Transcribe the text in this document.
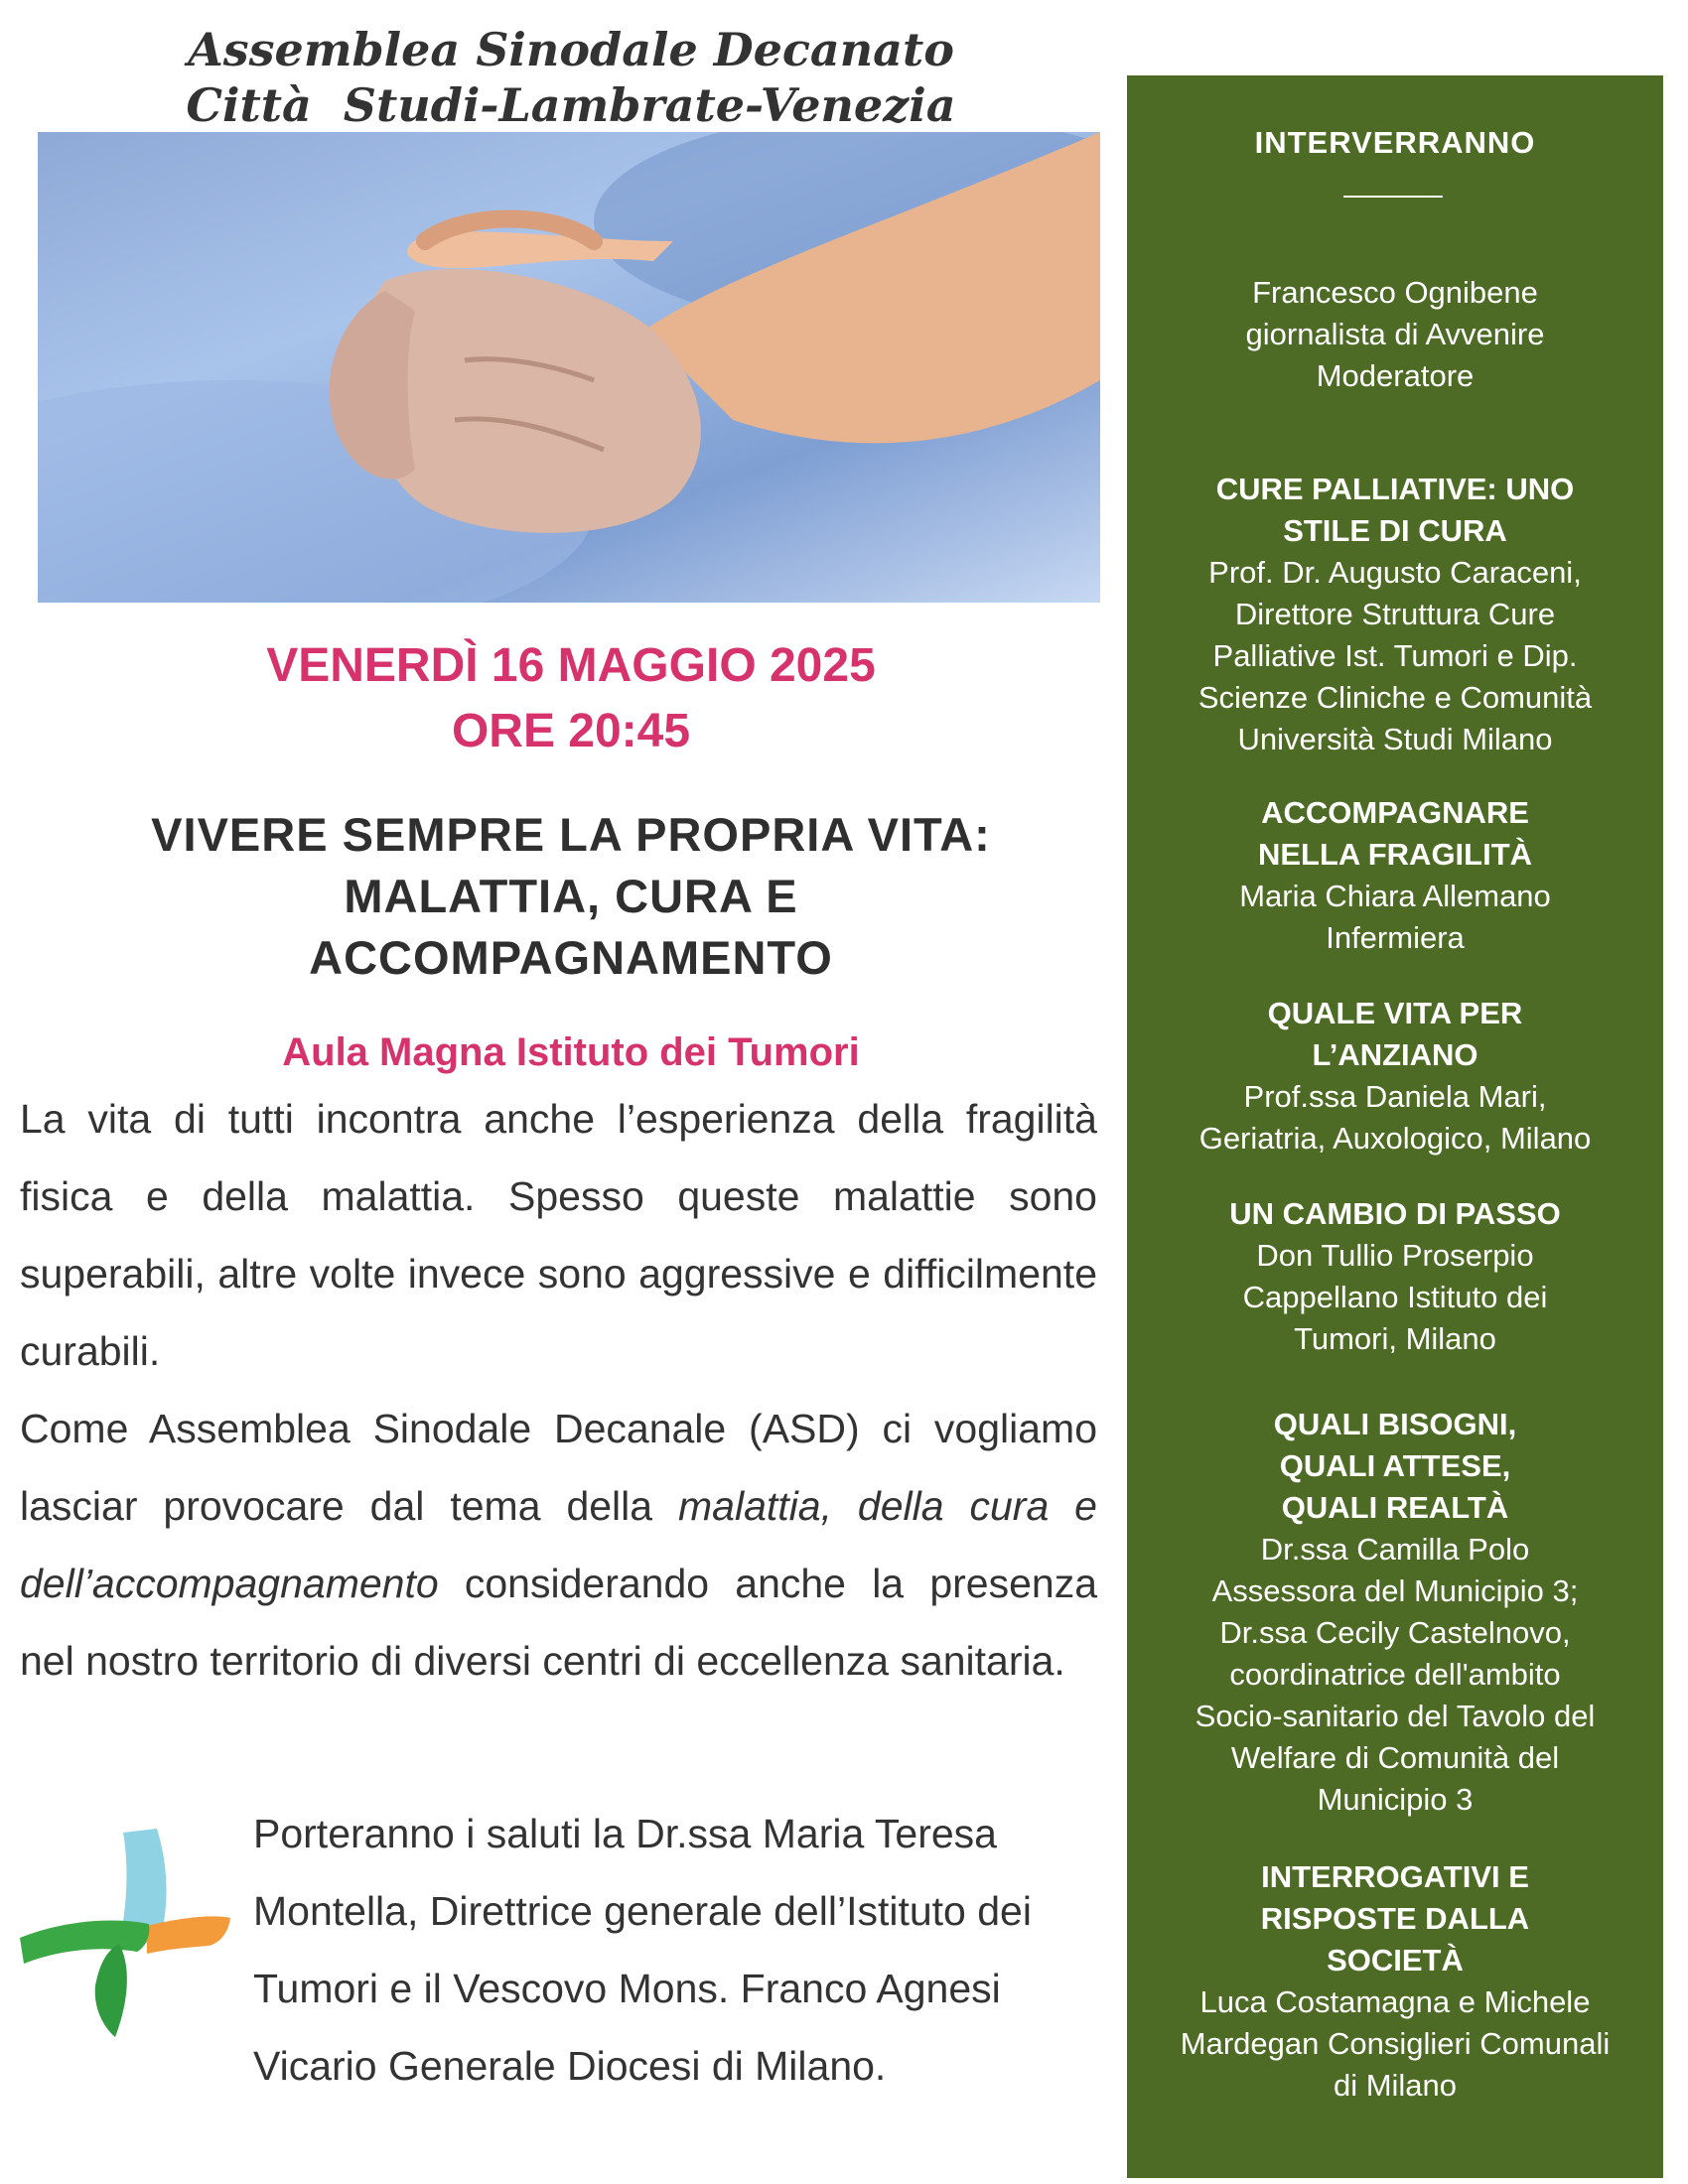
Assemblea Sinodale Decanato
Città  Studi-Lambrate-Venezia
VENERDÌ 16 MAGGIO 2025
ORE 20:45
VIVERE SEMPRE LA PROPRIA VITA:
MALATTIA, CURA E
ACCOMPAGNAMENTO
Aula Magna Istituto dei Tumori

La vita di tutti incontra anche l’esperienza della fragilità fisica e della malattia. Spesso queste malattie sono superabili, altre volte invece sono aggressive e difficilmente curabili.

Come Assemblea Sinodale Decanale (ASD) ci vogliamo lasciar provocare dal tema della malattia, della cura e dell’accompagnamento considerando anche la presenza nel nostro territorio di diversi centri di eccellenza sanitaria.

Porteranno i saluti la Dr.ssa Maria Teresa Montella, Direttrice generale dell’Istituto dei Tumori e il Vescovo Mons. Franco Agnesi Vicario Generale Diocesi di Milano.
INTERVERRANNO
Francesco Ognibene
giornalista di Avvenire
Moderatore
CURE PALLIATIVE: UNO
STILE DI CURA
Prof. Dr. Augusto Caraceni,
Direttore Struttura Cure
Palliative Ist. Tumori e Dip.
Scienze Cliniche e Comunità
Università Studi Milano
ACCOMPAGNARE
NELLA FRAGILITÀ
Maria Chiara Allemano
Infermiera
QUALE VITA PER
L’ANZIANO
Prof.ssa Daniela Mari,
Geriatria, Auxologico, Milano
UN CAMBIO DI PASSO
Don Tullio Proserpio
Cappellano Istituto dei
Tumori, Milano
QUALI BISOGNI,
QUALI ATTESE,
QUALI REALTÀ
Dr.ssa Camilla Polo
Assessora del Municipio 3;
Dr.ssa Cecily Castelnovo,
coordinatrice dell'ambito
Socio-sanitario del Tavolo del
Welfare di Comunità del
Municipio 3
INTERROGATIVI E
RISPOSTE DALLA
SOCIETÀ
Luca Costamagna e Michele
Mardegan Consiglieri Comunali
di Milano
